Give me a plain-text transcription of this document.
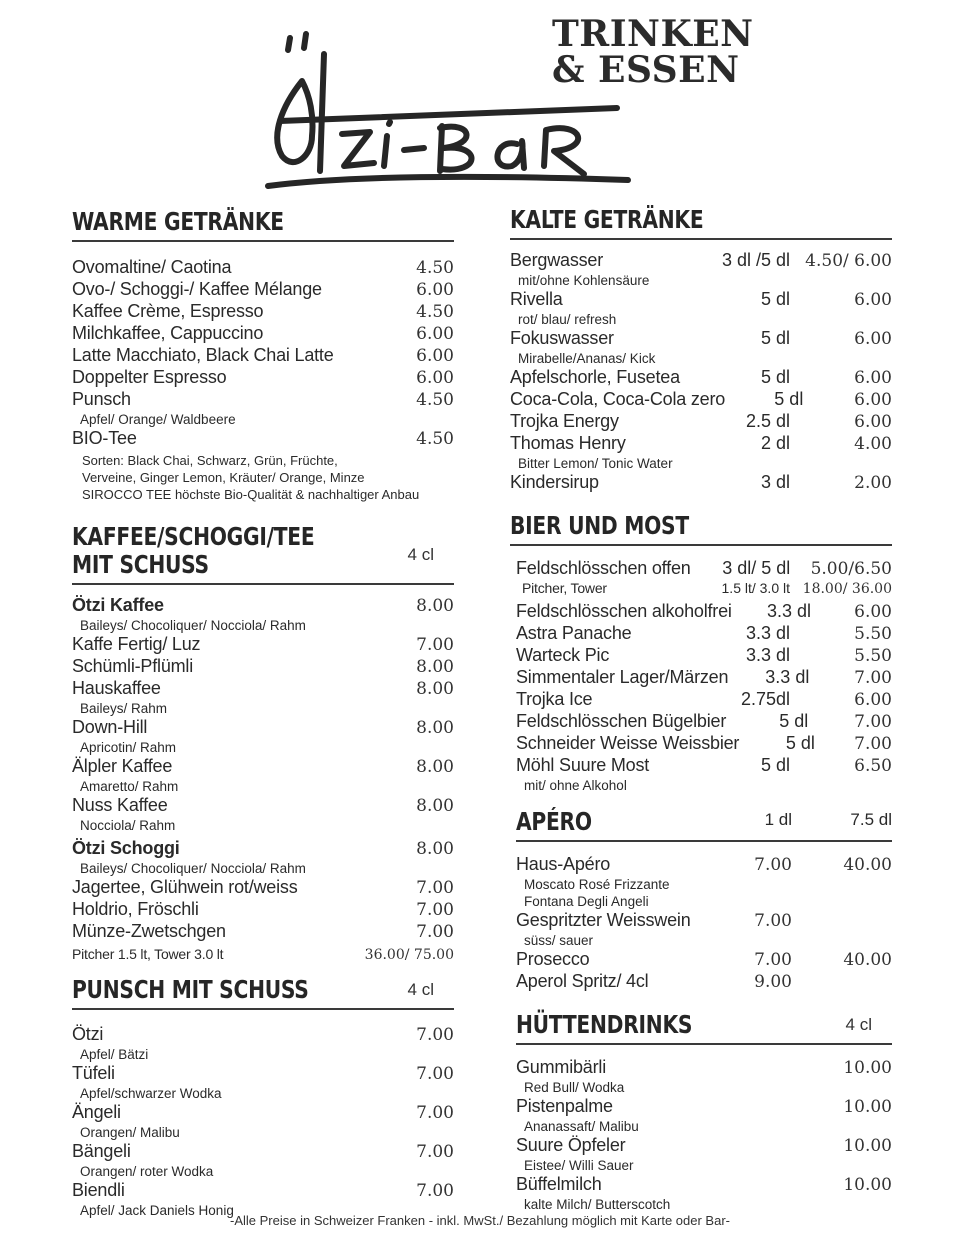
TRINKEN
& ESSEN
WARME GETRÄNKE
Ovomaltine/ Caotina	4.50
Ovo-/ Schoggi-/ Kaffee Mélange	6.00
Kaffee Crème, Espresso	4.50
Milchkaffee, Cappuccino	6.00
Latte Macchiato, Black Chai Latte	6.00
Doppelter Espresso	6.00
Punsch	4.50
Apfel/ Orange/ Waldbeere
BIO-Tee	4.50
Sorten: Black Chai, Schwarz, Grün, Früchte,
Verveine, Ginger Lemon, Kräuter/ Orange, Minze
SIROCCO TEE höchste Bio-Qualität & nachhaltiger Anbau
KAFFEE/SCHOGGI/TEE
MIT SCHUSS	4 cl
Ötzi Kaffee	8.00
Baileys/ Chocoliquer/ Nocciola/ Rahm
Kaffe Fertig/ Luz	7.00
Schümli-Pflümli	8.00
Hauskaffee	8.00
Baileys/ Rahm
Down-Hill	8.00
Apricotin/ Rahm
Älpler Kaffee	8.00
Amaretto/ Rahm
Nuss Kaffee	8.00
Nocciola/ Rahm
Ötzi Schoggi	8.00
Baileys/ Chocoliquer/ Nocciola/ Rahm
Jagertee, Glühwein rot/weiss	7.00
Holdrio, Fröschli	7.00
Münze-Zwetschgen	7.00
Pitcher 1.5 lt, Tower 3.0 lt	36.00/ 75.00
PUNSCH MIT SCHUSS	4 cl
Ötzi	7.00
Apfel/ Bätzi
Tüfeli	7.00
Apfel/schwarzer Wodka
Ängeli	7.00
Orangen/ Malibu
Bängeli	7.00
Orangen/ roter Wodka
Biendli	7.00
Apfel/ Jack Daniels Honig
KALTE GETRÄNKE
Bergwasser	3 dl /5 dl 4.50/ 6.00
mit/ohne Kohlensäure
Rivella	5 dl	6.00
rot/ blau/ refresh
Fokuswasser	5 dl	6.00
Mirabelle/Ananas/ Kick
Apfelschorle, Fusetea	5 dl	6.00
Coca-Cola, Coca-Cola zero	5 dl	6.00
Trojka Energy	2.5 dl	6.00
Thomas Henry	2 dl	4.00
Bitter Lemon/ Tonic Water
Kindersirup	3 dl	2.00
BIER UND MOST
Feldschlösschen offen	3 dl/ 5 dl	5.00/6.50
Pitcher, Tower	1.5 lt/ 3.0 lt 18.00/ 36.00
Feldschlösschen alkoholfrei	3.3 dl	6.00
Astra Panache	3.3 dl	5.50
Warteck Pic	3.3 dl	5.50
Simmentaler Lager/Märzen	3.3 dl	7.00
Trojka Ice	2.75dl	6.00
Feldschlösschen Bügelbier	5 dl	7.00
Schneider Weisse Weissbier	5 dl	7.00
Möhl Suure Most	5 dl	6.50
mit/ ohne Alkohol
APÉRO	1 dl	7.5 dl
Haus-Apéro	7.00	40.00
Moscato Rosé Frizzante
Fontana Degli Angeli
Gespritzter Weisswein	7.00
süss/ sauer
Prosecco	7.00	40.00
Aperol Spritz/ 4cl	9.00
HÜTTENDRINKS	4 cl
Gummibärli	10.00
Red Bull/ Wodka
Pistenpalme	10.00
Ananassaft/ Malibu
Suure Öpfeler	10.00
Eistee/ Willi Sauer
Büffelmilch	10.00
kalte Milch/ Butterscotch
-Alle Preise in Schweizer Franken - inkl. MwSt./ Bezahlung möglich mit Karte oder Bar-
